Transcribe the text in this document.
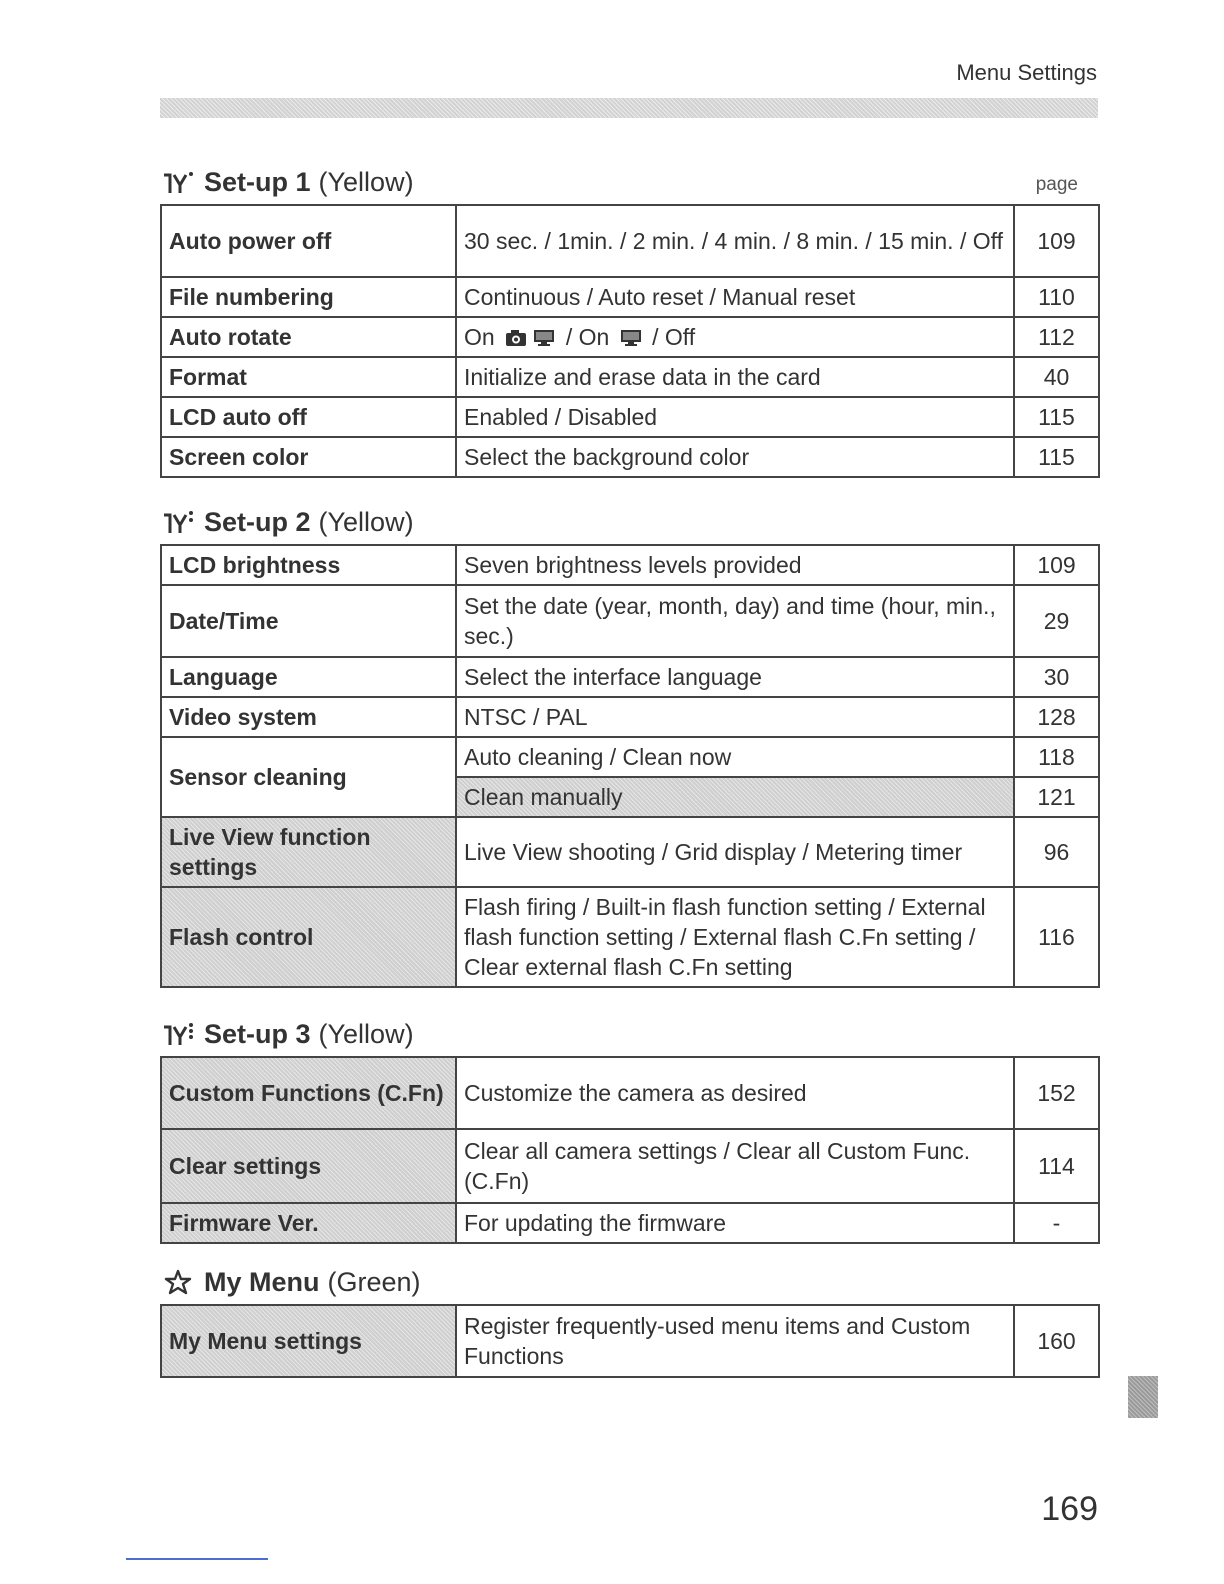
Menu Settings
Set-up 1 (Yellow)	page
Auto power off	30 sec. / 1min. / 2 min. / 4 min. / 8 min. / 15 min. / Off	109
File numbering	Continuous / Auto reset / Manual reset	110
Auto rotate	On / On / Off	112
Format	Initialize and erase data in the card	40
LCD auto off	Enabled / Disabled	115
Screen color	Select the background color	115
Set-up 2 (Yellow)
LCD brightness	Seven brightness levels provided	109
Date/Time	Set the date (year, month, day) and time (hour, min., sec.)	29
Language	Select the interface language	30
Video system	NTSC / PAL	128
Sensor cleaning	Auto cleaning / Clean now	118
	Clean manually	121
Live View function settings	Live View shooting / Grid display / Metering timer	96
Flash control	Flash firing / Built-in flash function setting / External flash function setting / External flash C.Fn setting / Clear external flash C.Fn setting	116
Set-up 3 (Yellow)
Custom Functions (C.Fn)	Customize the camera as desired	152
Clear settings	Clear all camera settings / Clear all Custom Func. (C.Fn)	114
Firmware Ver.	For updating the firmware	-
My Menu (Green)
My Menu settings	Register frequently-used menu items and Custom Functions	160
169
